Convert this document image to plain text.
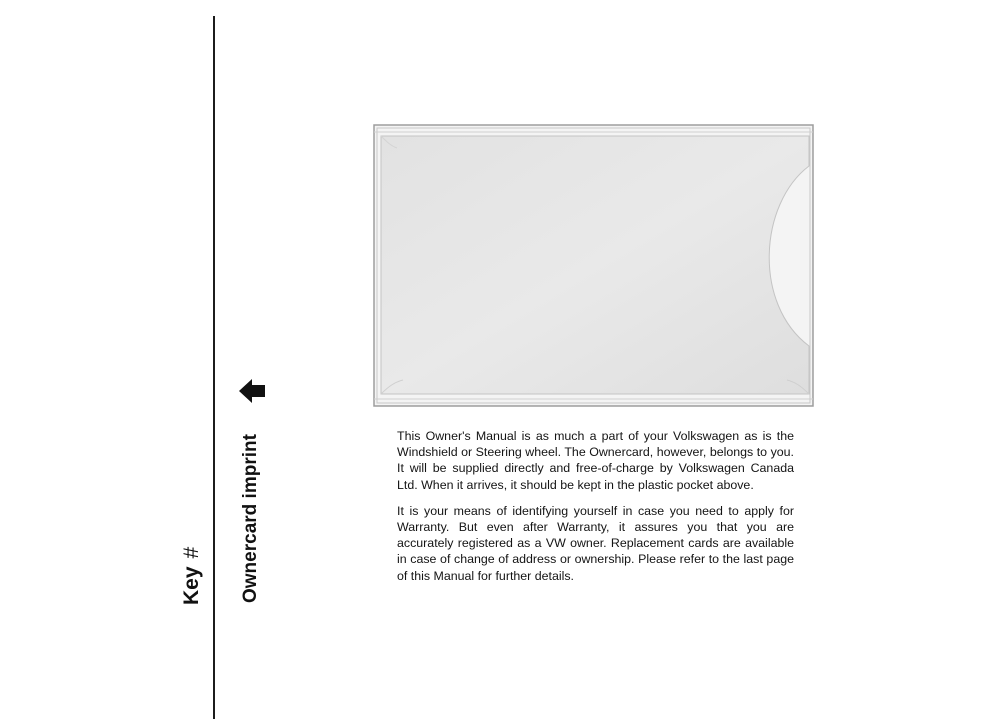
Key# Ownercard imprint	This Owner's Manual is as much a part of your Volkswagen as is the Windshield or Steering wheel. The Ownercard, however, belongs to you. It will be supplied directly and free-of-charge by Volkswagen Canada Ltd. When it arrives, it should be kept in the plastic pocket above.

It is your means of identifying yourself in case you need to apply for Warranty. But even after Warranty, it assures you that you are accurately registered as a VW owner. Replacement cards are available in case of change of address or ownership. Please refer to the last page of this Manual for further details.
